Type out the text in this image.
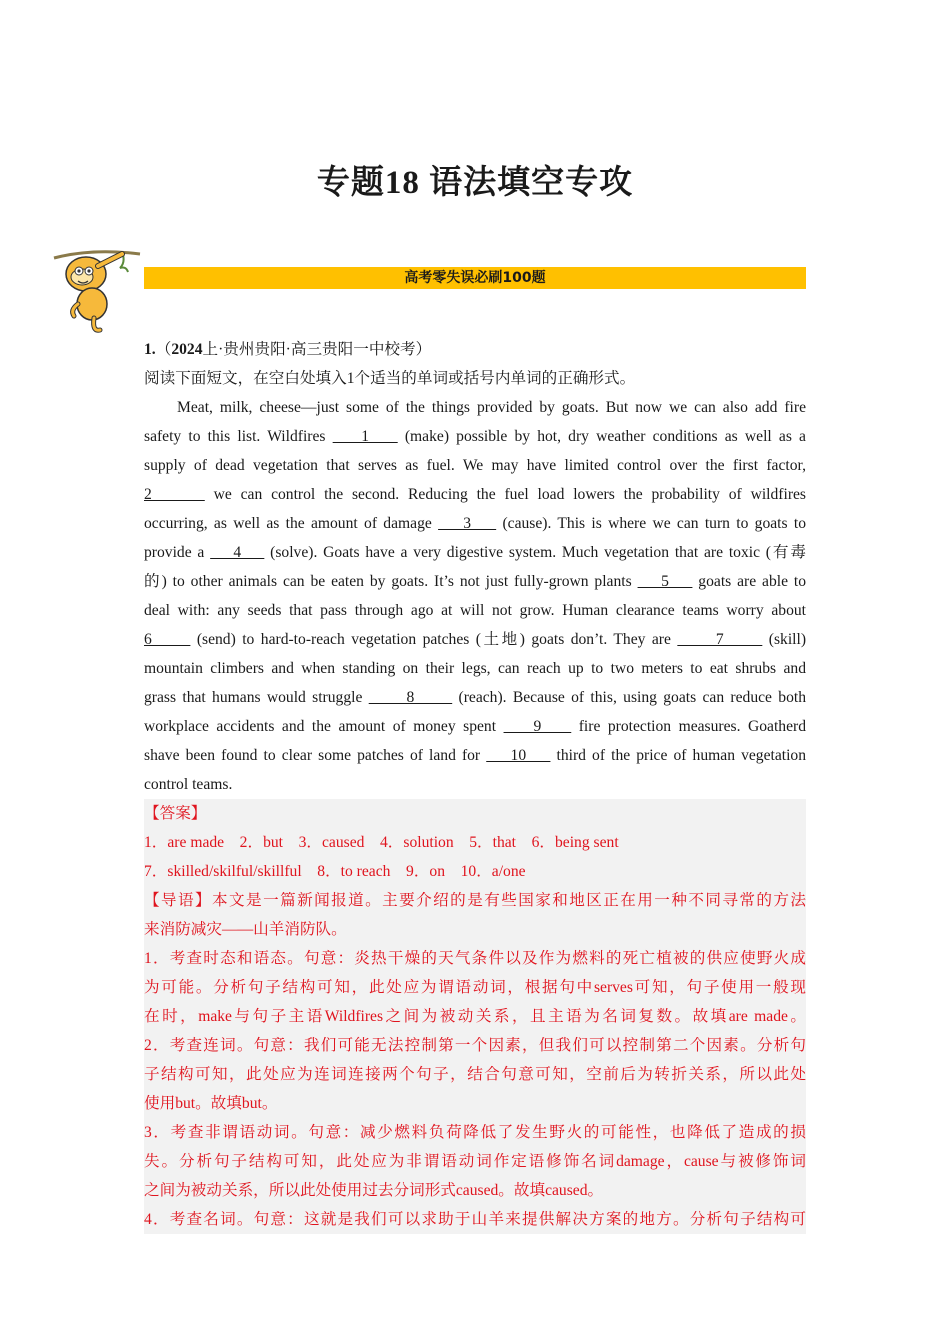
专题18 语法填空专攻
高考零失误必刷100题
1.（2024上·贵州贵阳·高三贵阳一中校考）
阅读下面短文，在空白处填入1个适当的单词或括号内单词的正确形式。
Meat, milk, cheese—just some of the things provided by goats. But now we can also add fire
safety to this list. Wildfires     1     (make) possible by hot, dry weather conditions as well as a
supply of dead vegetation that serves as fuel. We may have limited control over the first factor,
2       we can control the second. Reducing the fuel load lowers the probability of wildfires
occurring, as well as the amount of damage     3     (cause). This is where we can turn to goats to
provide a     4     (solve). Goats have a very digestive system. Much vegetation that are toxic (有毒
的) to other animals can be eaten by goats. It’s not just fully-grown plants     5     goats are able to
deal with: any seeds that pass through ago at will not grow. Human clearance teams worry about
6       (send) to hard-to-reach vegetation patches (土地) goats don’t. They are       7       (skill)
mountain climbers and when standing on their legs, can reach up to two meters to eat shrubs and
grass that humans would struggle       8       (reach). Because of this, using goats can reduce both
workplace accidents and the amount of money spent     9     fire protection measures. Goatherd
shave been found to clear some patches of land for     10     third of the price of human vegetation
control teams.
【答案】
1．are made    2．but    3．caused    4．solution    5．that    6．being sent
7．skilled/skilful/skillful    8．to reach    9．on    10．a/one
【导语】本文是一篇新闻报道。主要介绍的是有些国家和地区正在用一种不同寻常的方法
来消防减灾——山羊消防队。
1．考查时态和语态。句意：炎热干燥的天气条件以及作为燃料的死亡植被的供应使野火成
为可能。分析句子结构可知，此处应为谓语动词，根据句中serves可知，句子使用一般现
在时，make与句子主语Wildfires之间为被动关系，且主语为名词复数。故填are made。
2．考查连词。句意：我们可能无法控制第一个因素，但我们可以控制第二个因素。分析句
子结构可知，此处应为连词连接两个句子，结合句意可知，空前后为转折关系，所以此处
使用but。故填but。
3．考查非谓语动词。句意：减少燃料负荷降低了发生野火的可能性，也降低了造成的损
失。分析句子结构可知，此处应为非谓语动词作定语修饰名词damage，cause与被修饰词
之间为被动关系，所以此处使用过去分词形式caused。故填caused。
4．考查名词。句意：这就是我们可以求助于山羊来提供解决方案的地方。分析句子结构可
